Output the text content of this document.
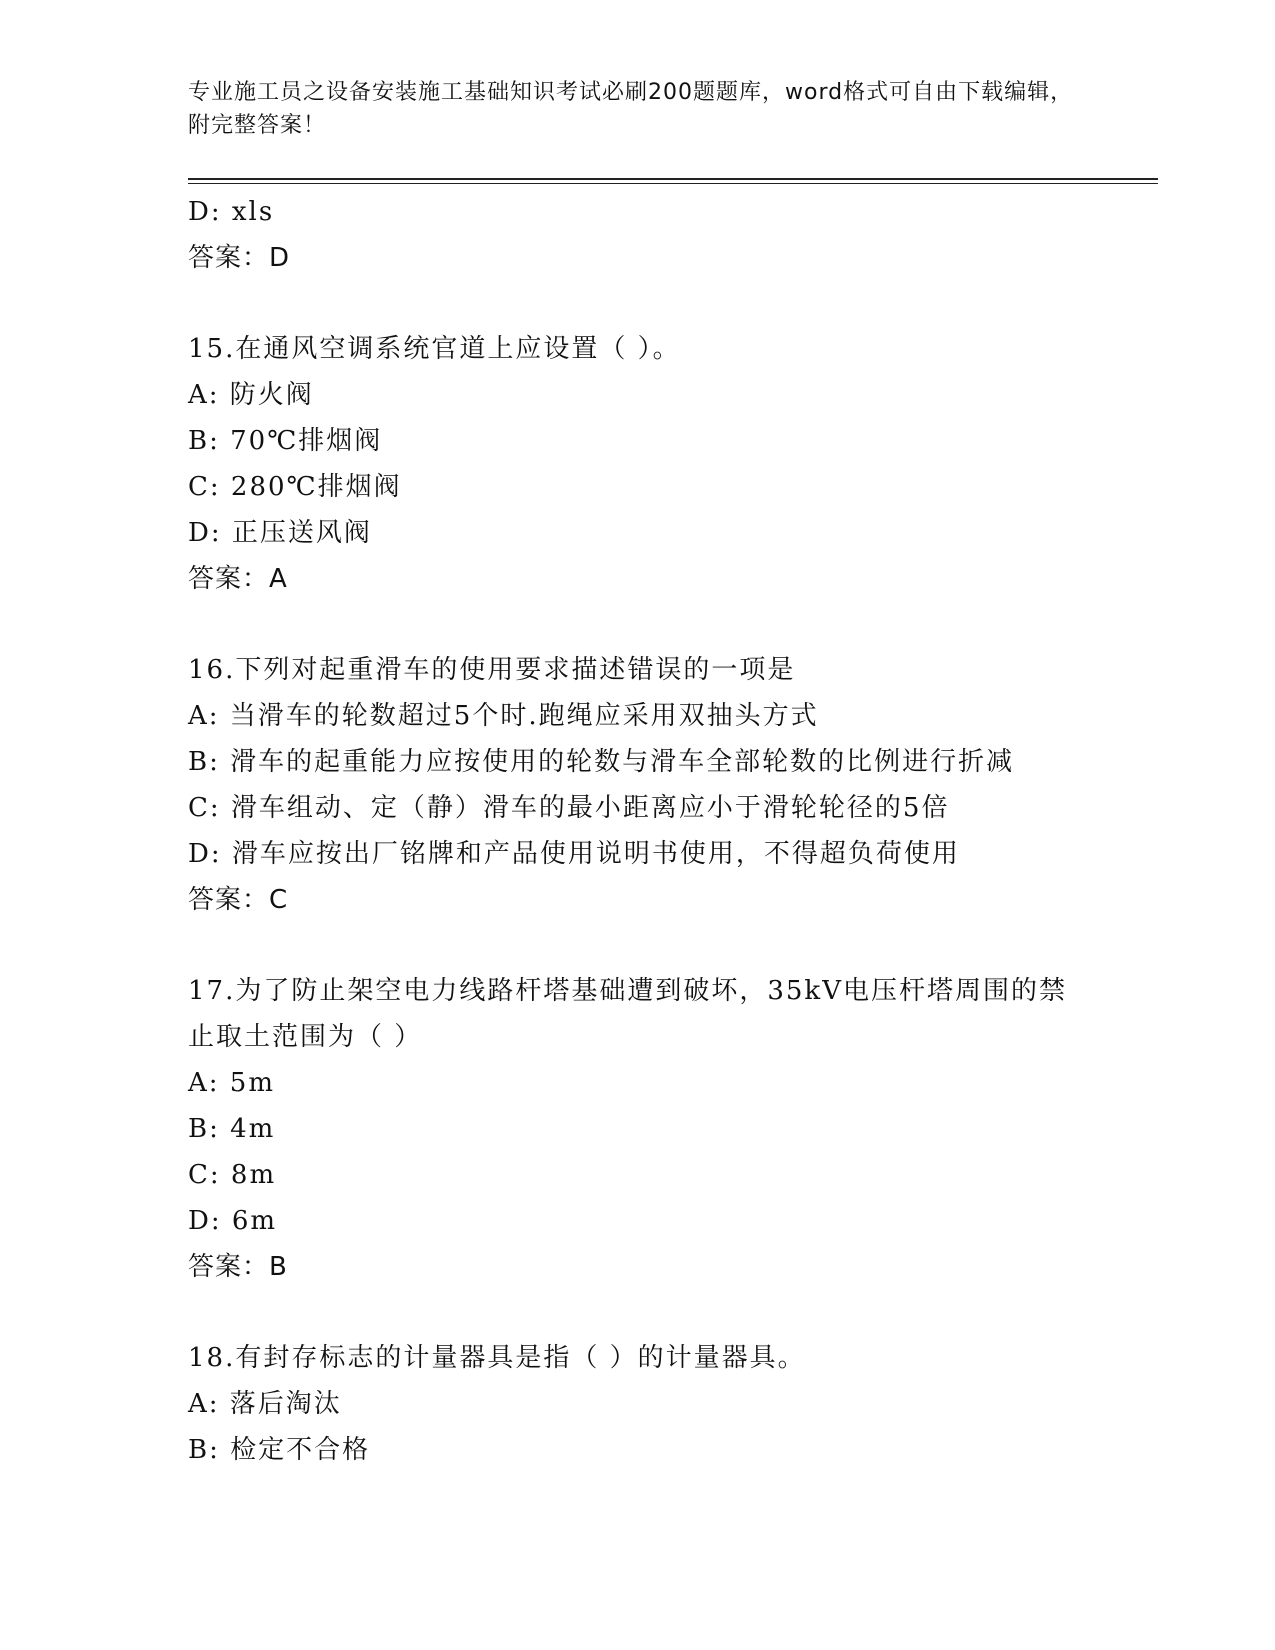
专业施工员之设备安装施工基础知识考试必刷200题题库，word格式可自由下载编辑，附完整答案！
D: xls
答案：D
15.在通风空调系统官道上应设置（ ）。
A: 防火阀
B: 70℃排烟阀
C: 280℃排烟阀
D: 正压送风阀
答案：A
16.下列对起重滑车的使用要求描述错误的一项是
A: 当滑车的轮数超过5个时.跑绳应采用双抽头方式
B: 滑车的起重能力应按使用的轮数与滑车全部轮数的比例进行折减
C: 滑车组动、定（静）滑车的最小距离应小于滑轮轮径的5倍
D: 滑车应按出厂铭牌和产品使用说明书使用，不得超负荷使用
答案：C
17.为了防止架空电力线路杆塔基础遭到破坏，35kV电压杆塔周围的禁止取土范围为（ ）
A: 5m
B: 4m
C: 8m
D: 6m
答案：B
18.有封存标志的计量器具是指（ ）的计量器具。
A: 落后淘汰
B: 检定不合格
